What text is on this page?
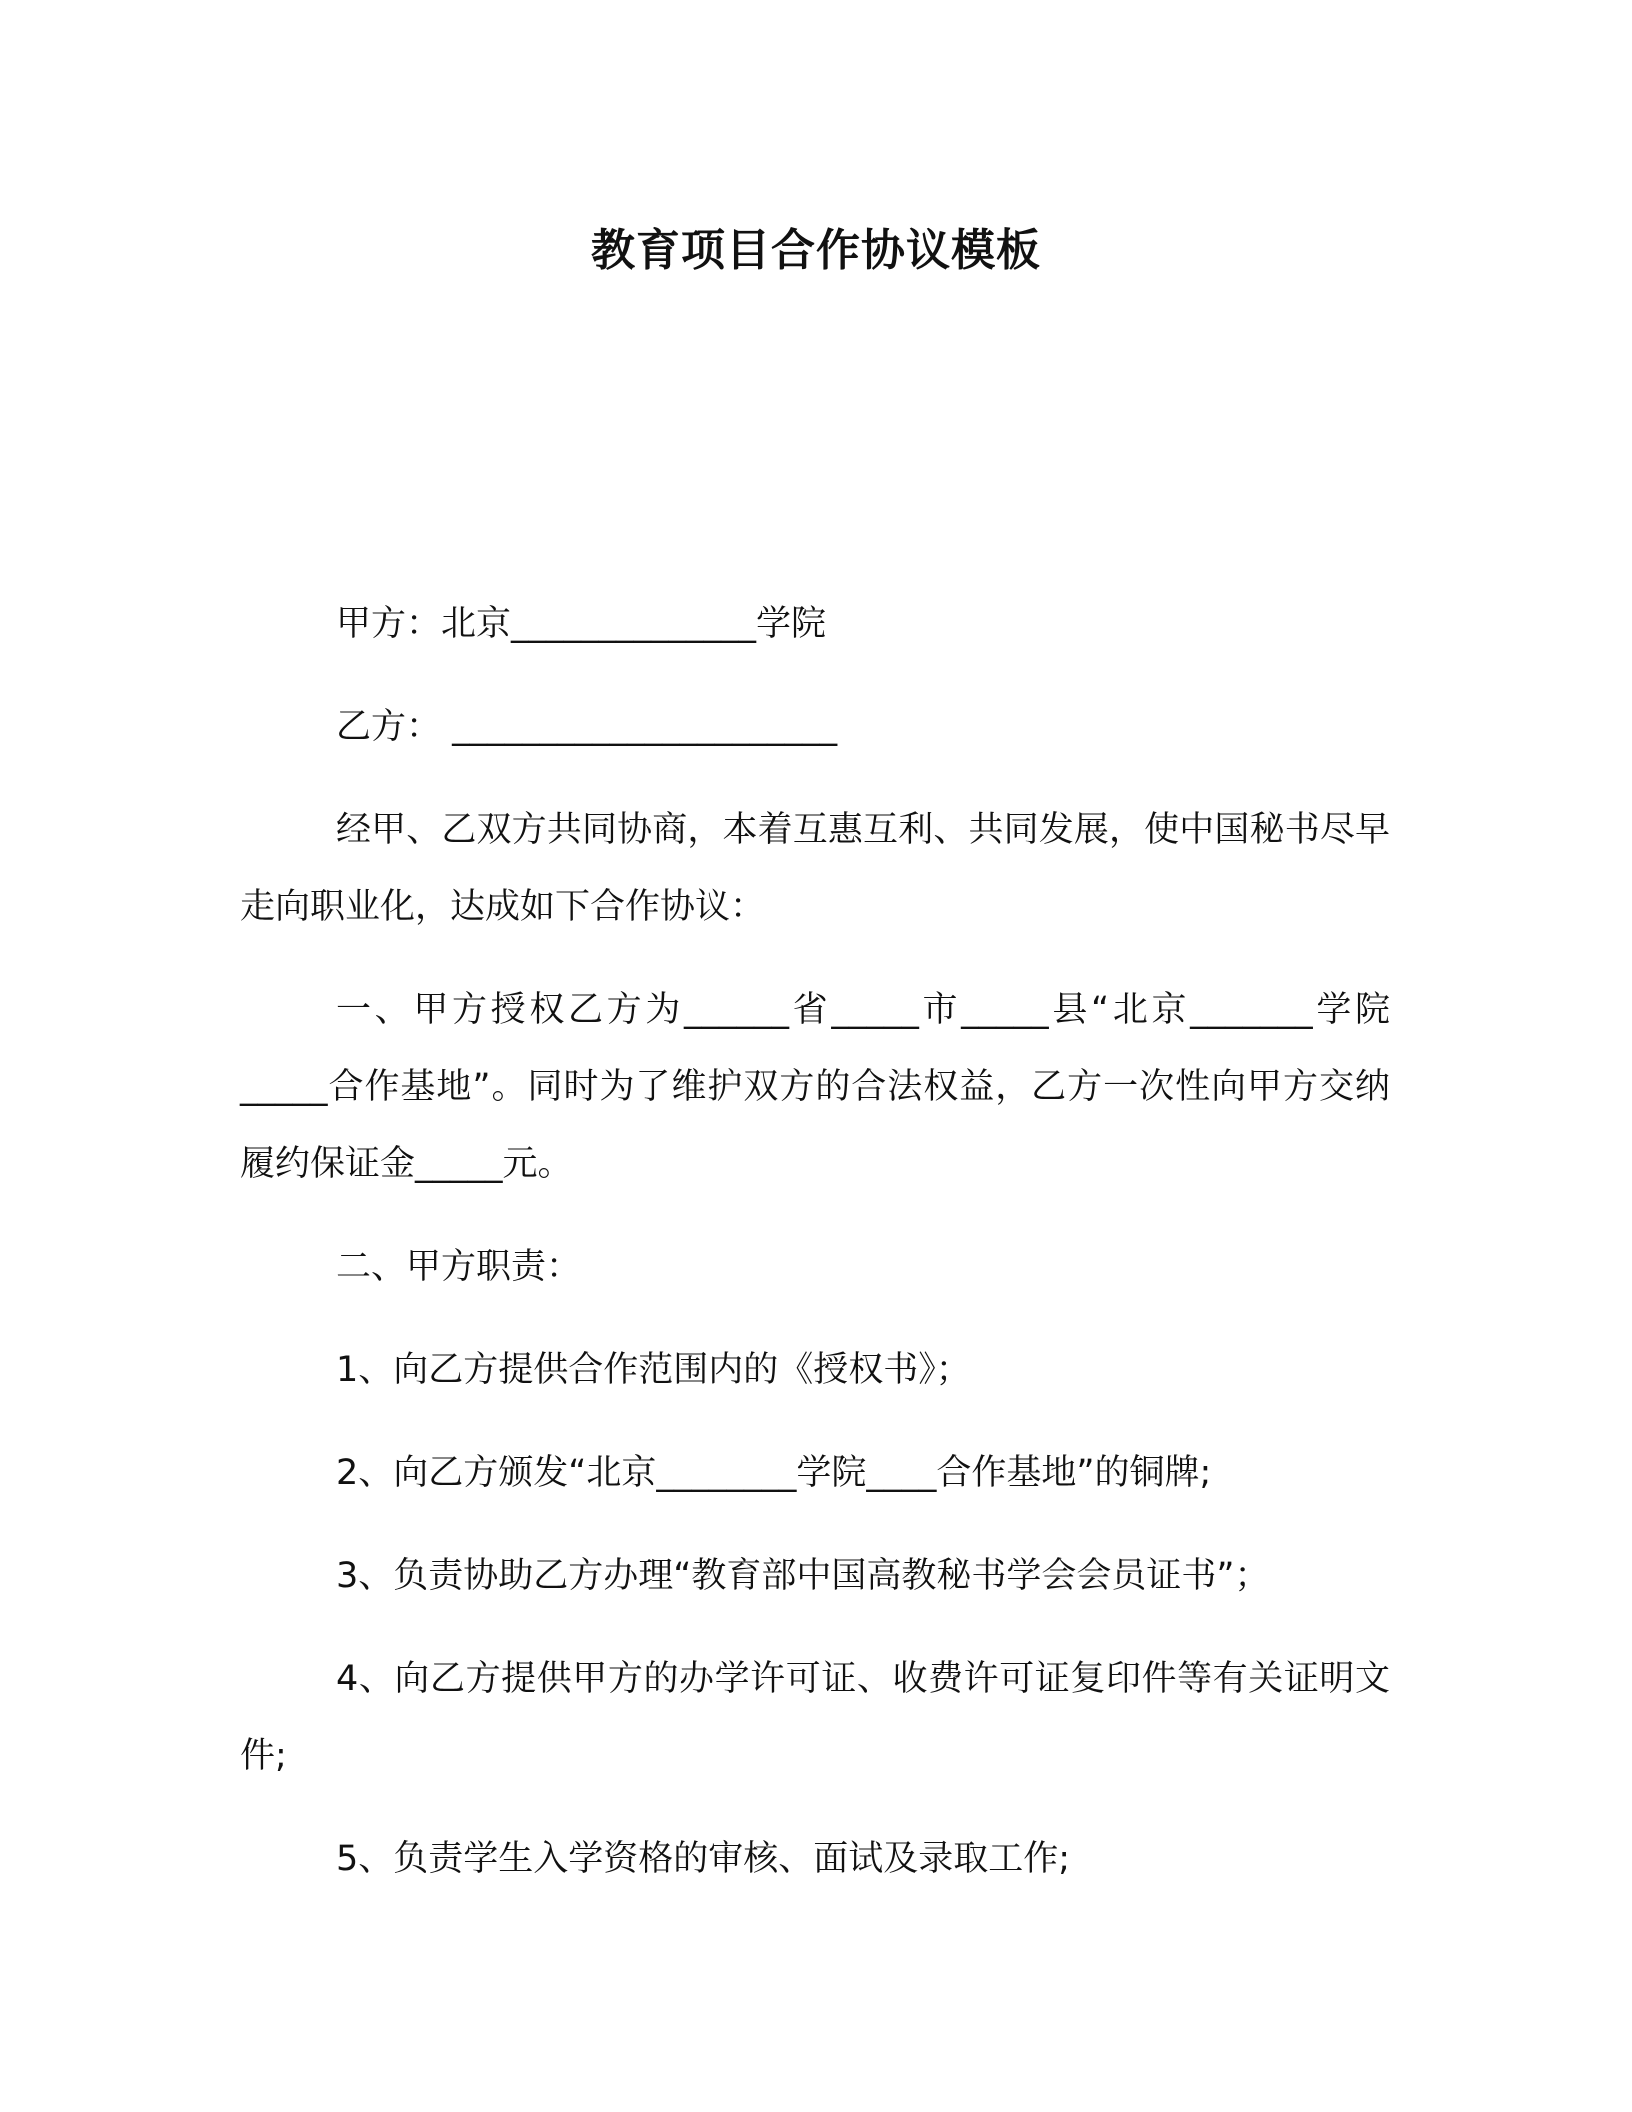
教育项目合作协议模板

甲方：北京______________学院

乙方： ______________________

经甲、乙双方共同协商，本着互惠互利、共同发展，使中国秘书尽早走向职业化，达成如下合作协议：

一、甲方授权乙方为______省_____市_____县“北京_______学院_____合作基地”。同时为了维护双方的合法权益，乙方一次性向甲方交纳履约保证金_____元。

二、甲方职责：

1、向乙方提供合作范围内的《授权书》；

2、向乙方颁发“北京________学院____合作基地”的铜牌;

3、负责协助乙方办理“教育部中国高教秘书学会会员证书”；

4、向乙方提供甲方的办学许可证、收费许可证复印件等有关证明文件;

5、负责学生入学资格的审核、面试及录取工作;
